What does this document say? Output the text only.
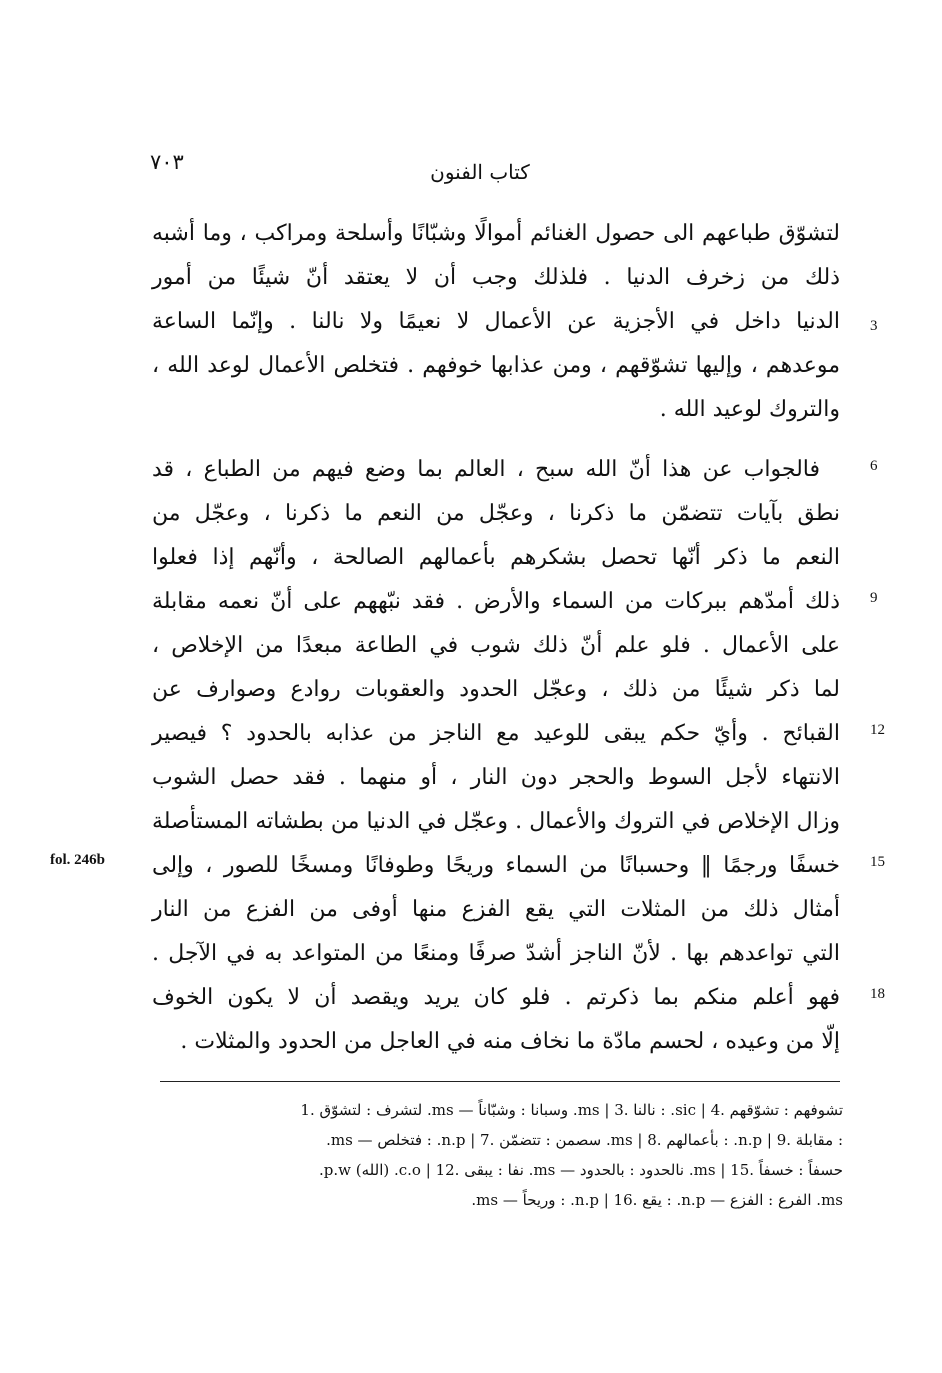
٧٠٣	كتاب الفنون
لتشوّق طباعهم الى حصول الغنائم أموالًا وشبّانًا وأسلحة ومراكب ، وما أشبه
ذلك من زخرف الدنيا . فلذلك وجب أن لا يعتقد أنّ شيئًا من أمور
الدنيا داخل في الأجزية عن الأعمال لا نعيمًا ولا نالنا . وإنّما الساعة
موعدهم ، وإليها تشوّقهم ، ومن عذابها خوفهم . فتخلص الأعمال لوعد الله ،
والتروك لوعيد الله .
فالجواب عن هذا أنّ الله سبح ، العالم بما وضع فيهم من الطباع ، قد
نطق بآيات تتضمّن ما ذكرنا ، وعجّل من النعم ما ذكرنا ، وعجّل من
النعم ما ذكر أنّها تحصل بشكرهم بأعمالهم الصالحة ، وأنّهم إذا فعلوا
ذلك أمدّهم ببركات من السماء والأرض . فقد نبّههم على أنّ نعمه مقابلة
على الأعمال . فلو علم أنّ ذلك شوب في الطاعة مبعدًا من الإخلاص ،
لما ذكر شيئًا من ذلك ، وعجّل الحدود والعقوبات روادع وصوارف عن
القبائح . وأيّ حكم يبقى للوعيد مع الناجز من عذابه بالحدود ؟ فيصير
الانتهاء لأجل السوط والحجر دون النار ، أو منهما . فقد حصل الشوب
وزال الإخلاص في التروك والأعمال . وعجّل في الدنيا من بطشاته المستأصلة
خسفًا ورجمًا ‖ وحسبانًا من السماء وريحًا وطوفانًا ومسخًا للصور ، وإلى
أمثال ذلك من المثلات التي يقع الفزع منها أوفى من الفزع من النار
التي تواعدهم بها . لأنّ الناجز أشدّ صرفًا ومنعًا من المتواعد به في الآجل .
فهو أعلم منكم بما ذكرتم . فلو كان يريد ويقصد أن لا يكون الخوف
إلّا من وعيده ، لحسم مادّة ما نخاف منه في العاجل من الحدود والمثلات .
3
6
9
12
15
18
fol. 246b
تشوفهم : تشوّقهم .4 | sic. : نالنا .3 | ms. وسبانا : وشبّاناً — ms. لتشرف : لتشوّق .1
: مقابلة .9 | n.p. : بأعمالهم .8 | ms. سصمن : تتضمّن .7 | n.p. : فتخلص — ms.
حسفاً : خسفاً .15 | ms. نالحدود : بالحدود — ms. نفا : يبقى .12 | c.o. (الله) p.w.
ms. الفرع : الفزع — n.p. : يقع .16 | n.p. : وريحاً — ms.
